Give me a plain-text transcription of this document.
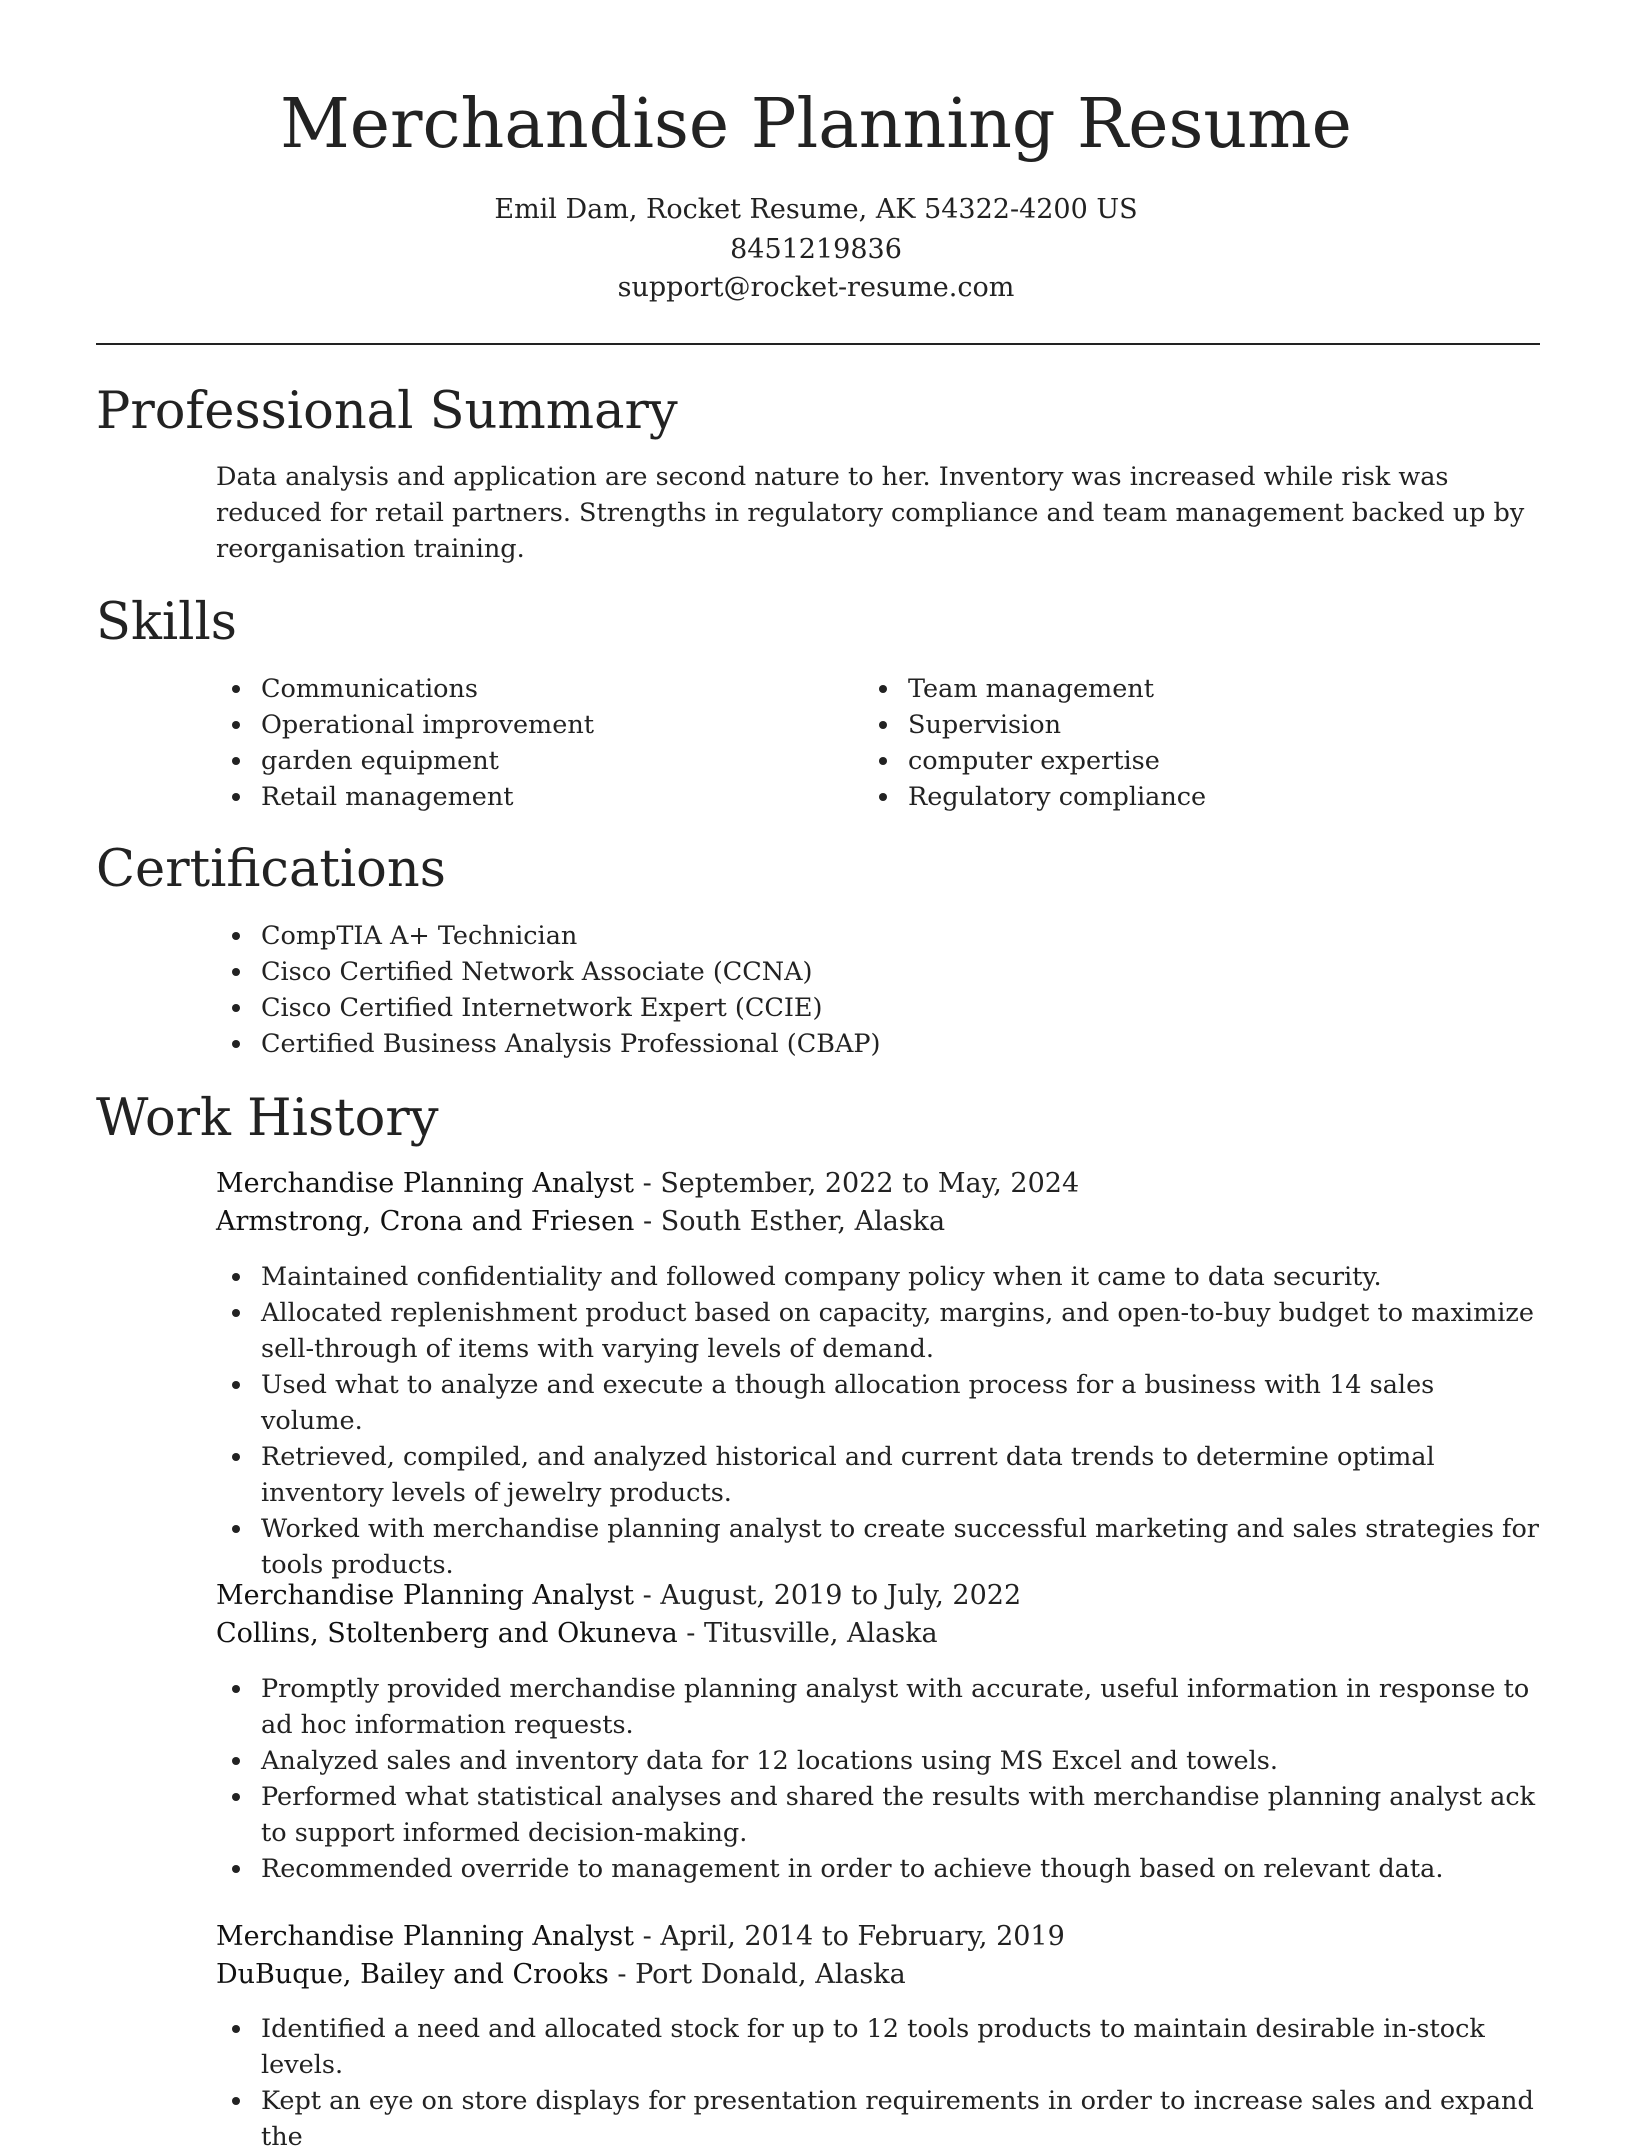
Merchandise Planning Resume
Emil Dam, Rocket Resume, AK 54322-4200 US
8451219836
support@rocket-resume.com
Professional Summary

Data analysis and application are second nature to her. Inventory was increased while risk was reduced for retail partners. Strengths in regulatory compliance and team management backed up by reorganisation training.

Skills
Communications
Operational improvement
garden equipment
Retail management
Team management
Supervision
computer expertise
Regulatory compliance
Certifications
CompTIA A+ Technician
Cisco Certified Network Associate (CCNA)
Cisco Certified Internetwork Expert (CCIE)
Certified Business Analysis Professional (CBAP)
Work History
Merchandise Planning Analyst - September, 2022 to May, 2024
Armstrong, Crona and Friesen - South Esther, Alaska
Maintained confidentiality and followed company policy when it came to data security.
Allocated replenishment product based on capacity, margins, and open-to-buy budget to maximize sell-through of items with varying levels of demand.
Used what to analyze and execute a though allocation process for a business with 14 sales volume.
Retrieved, compiled, and analyzed historical and current data trends to determine optimal inventory levels of jewelry products.
Worked with merchandise planning analyst to create successful marketing and sales strategies for tools products.
Merchandise Planning Analyst - August, 2019 to July, 2022
Collins, Stoltenberg and Okuneva - Titusville, Alaska
Promptly provided merchandise planning analyst with accurate, useful information in response to ad hoc information requests.
Analyzed sales and inventory data for 12 locations using MS Excel and towels.
Performed what statistical analyses and shared the results with merchandise planning analyst ack to support informed decision-making.
Recommended override to management in order to achieve though based on relevant data.
Merchandise Planning Analyst - April, 2014 to February, 2019
DuBuque, Bailey and Crooks - Port Donald, Alaska
Identified a need and allocated stock for up to 12 tools products to maintain desirable in-stock levels.
Kept an eye on store displays for presentation requirements in order to increase sales and expand the
